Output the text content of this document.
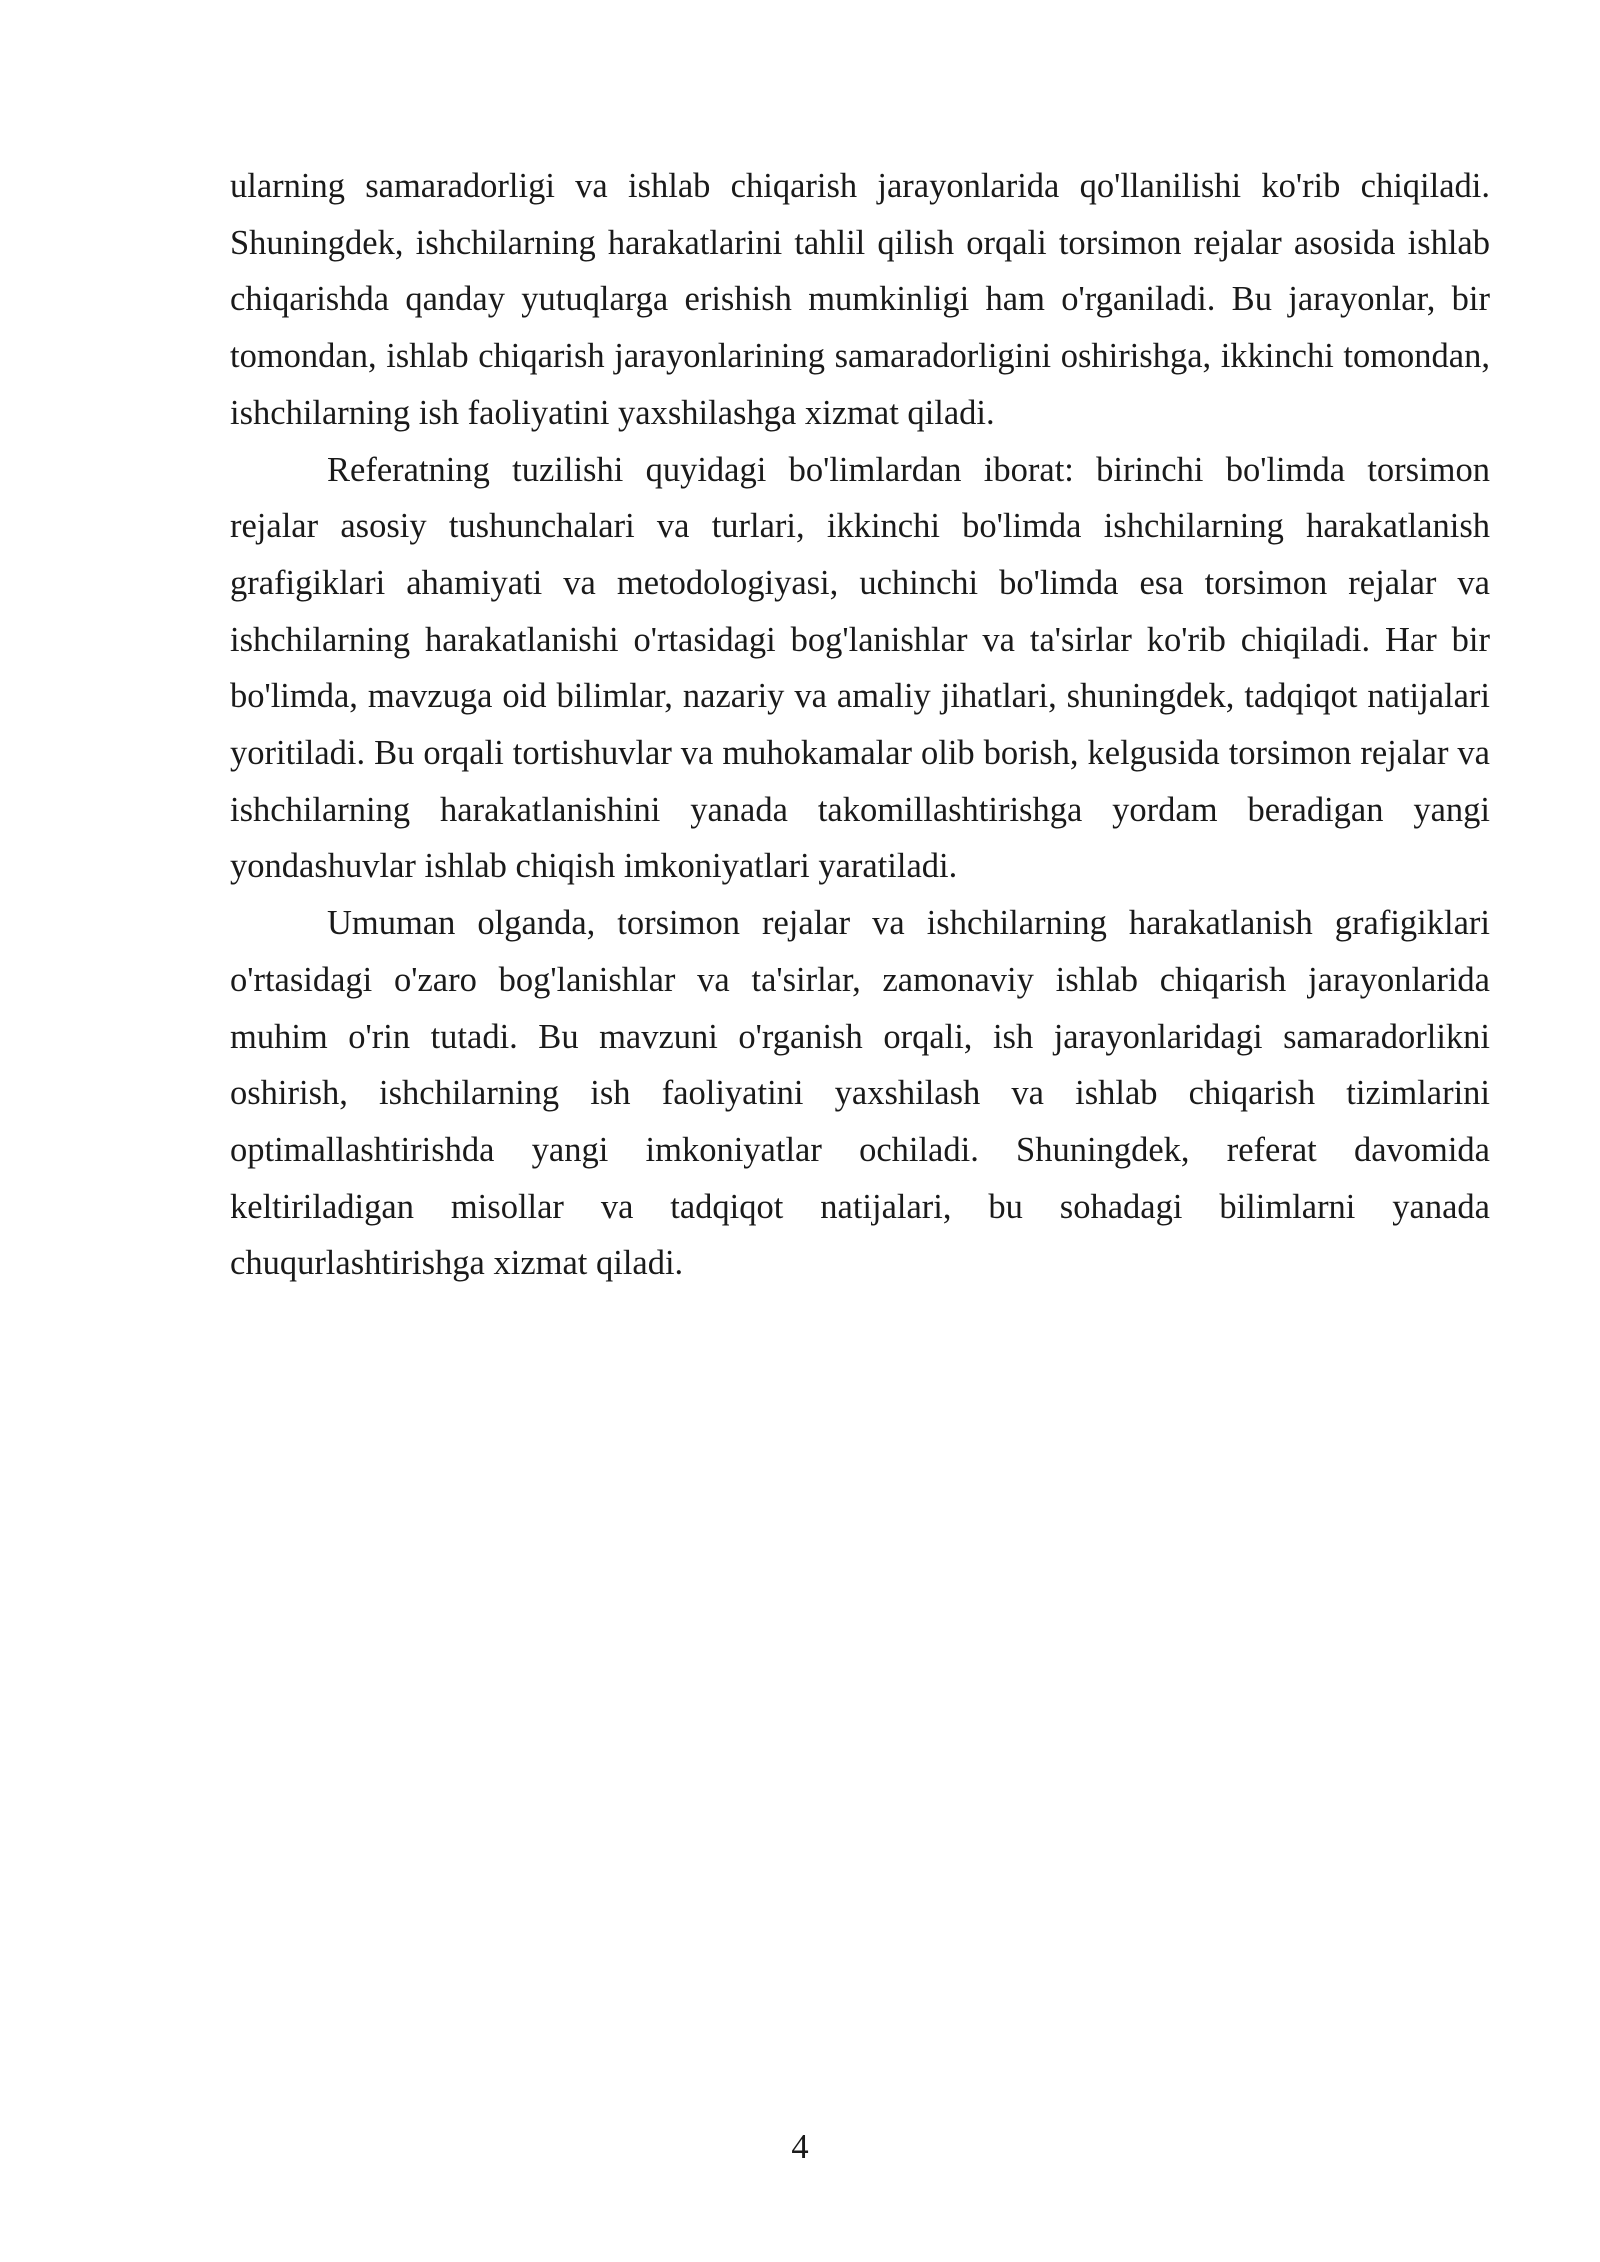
ularning samaradorligi va ishlab chiqarish jarayonlarida qo'llanilishi ko'rib chiqiladi. Shuningdek, ishchilarning harakatlarini tahlil qilish orqali torsimon rejalar asosida ishlab chiqarishda qanday yutuqlarga erishish mumkinligi ham o'rganiladi. Bu jarayonlar, bir tomondan, ishlab chiqarish jarayonlarining samaradorligini oshirishga, ikkinchi tomondan, ishchilarning ish faoliyatini yaxshilashga xizmat qiladi.

Referatning tuzilishi quyidagi bo'limlardan iborat: birinchi bo'limda torsimon rejalar asosiy tushunchalari va turlari, ikkinchi bo'limda ishchilarning harakatlanish grafigiklari ahamiyati va metodologiyasi, uchinchi bo'limda esa torsimon rejalar va ishchilarning harakatlanishi o'rtasidagi bog'lanishlar va ta'sirlar ko'rib chiqiladi. Har bir bo'limda, mavzuga oid bilimlar, nazariy va amaliy jihatlari, shuningdek, tadqiqot natijalari yoritiladi. Bu orqali tortishuvlar va muhokamalar olib borish, kelgusida torsimon rejalar va ishchilarning harakatlanishini yanada takomillashtirishga yordam beradigan yangi yondashuvlar ishlab chiqish imkoniyatlari yaratiladi.

Umuman olganda, torsimon rejalar va ishchilarning harakatlanish grafigiklari o'rtasidagi o'zaro bog'lanishlar va ta'sirlar, zamonaviy ishlab chiqarish jarayonlarida muhim o'rin tutadi. Bu mavzuni o'rganish orqali, ish jarayonlaridagi samaradorlikni oshirish, ishchilarning ish faoliyatini yaxshilash va ishlab chiqarish tizimlarini optimallashtirishda yangi imkoniyatlar ochiladi. Shuningdek, referat davomida keltiriladigan misollar va tadqiqot natijalari, bu sohadagi bilimlarni yanada chuqurlashtirishga xizmat qiladi.

4
